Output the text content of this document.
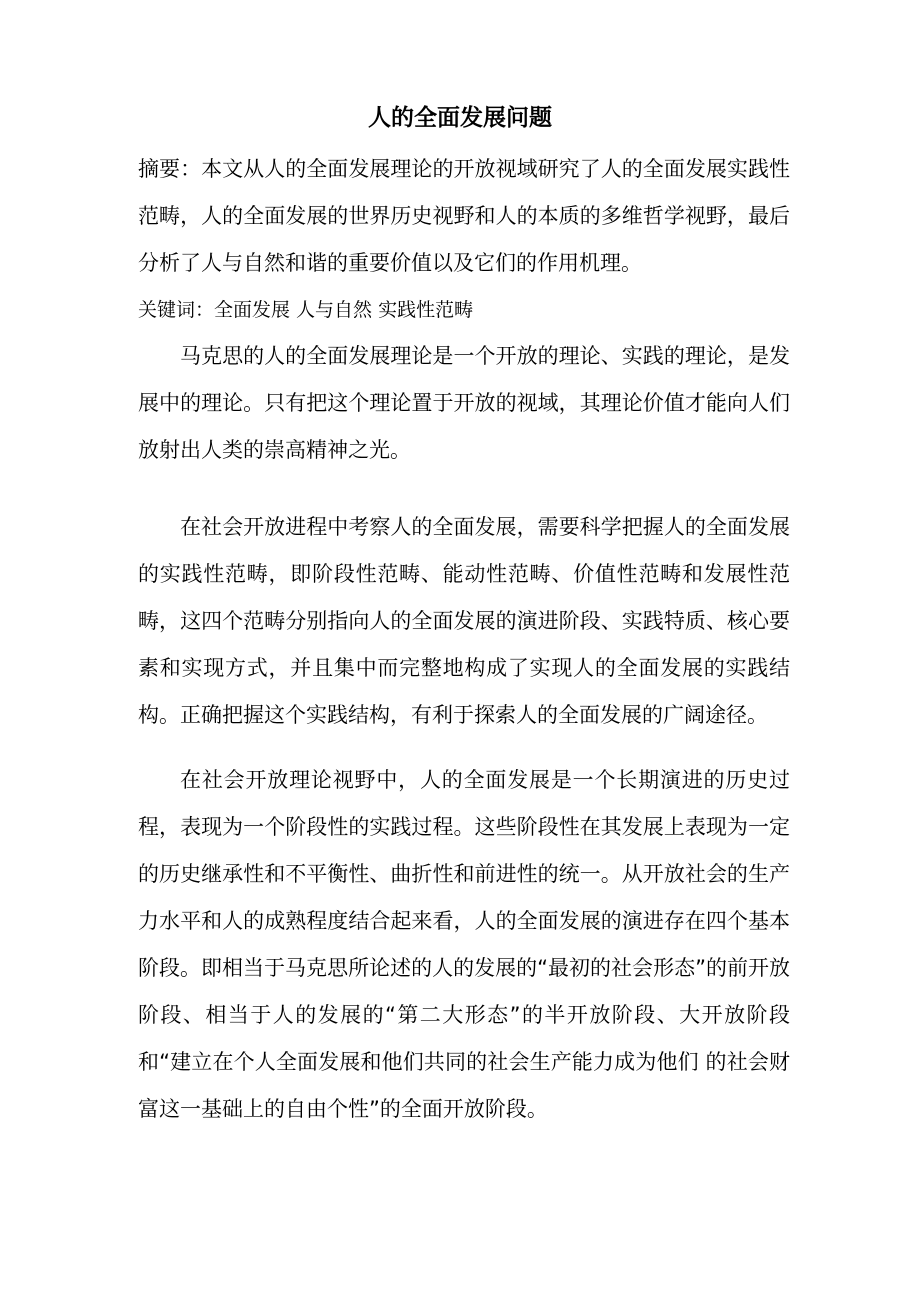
人的全面发展问题
摘要：本文从人的全面发展理论的开放视域研究了人的全面发展实践性范畴，人的全面发展的世界历史视野和人的本质的多维哲学视野，最后分析了人与自然和谐的重要价值以及它们的作用机理。
关键词：全面发展 人与自然 实践性范畴
马克思的人的全面发展理论是一个开放的理论、实践的理论，是发展中的理论。只有把这个理论置于开放的视域，其理论价值才能向人们放射出人类的崇高精神之光。
在社会开放进程中考察人的全面发展，需要科学把握人的全面发展的实践性范畴，即阶段性范畴、能动性范畴、价值性范畴和发展性范畴，这四个范畴分别指向人的全面发展的演进阶段、实践特质、核心要素和实现方式，并且集中而完整地构成了实现人的全面发展的实践结构。正确把握这个实践结构，有利于探索人的全面发展的广阔途径。
在社会开放理论视野中，人的全面发展是一个长期演进的历史过程，表现为一个阶段性的实践过程。这些阶段性在其发展上表现为一定的历史继承性和不平衡性、曲折性和前进性的统一。从开放社会的生产力水平和人的成熟程度结合起来看，人的全面发展的演进存在四个基本阶段。即相当于马克思所论述的人的发展的“最初的社会形态”的前开放阶段、相当于人的发展的“第二大形态”的半开放阶段、大开放阶段和“建立在个人全面发展和他们共同的社会生产能力成为他们 的社会财富这一基础上的自由个性”的全面开放阶段。
